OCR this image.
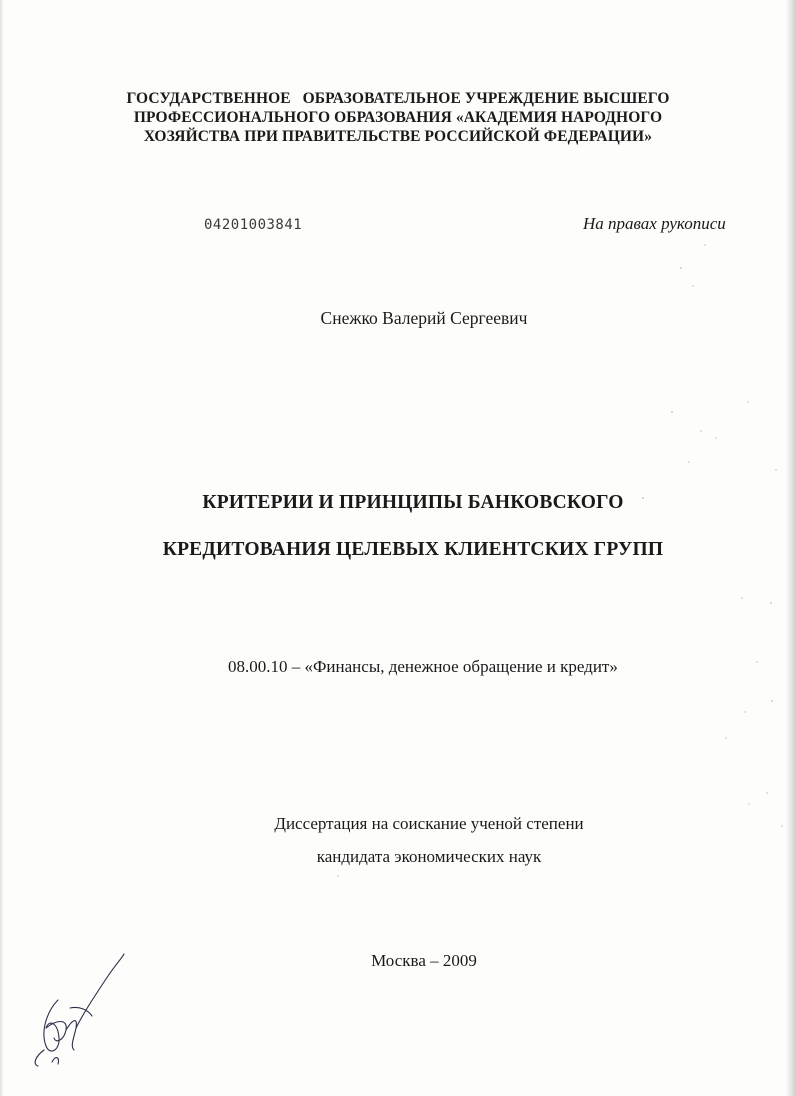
ГОСУДАРСТВЕННОЕ   ОБРАЗОВАТЕЛЬНОЕ УЧРЕЖДЕНИЕ ВЫСШЕГО
ПРОФЕССИОНАЛЬНОГО ОБРАЗОВАНИЯ «АКАДЕМИЯ НАРОДНОГО
ХОЗЯЙСТВА ПРИ ПРАВИТЕЛЬСТВЕ РОССИЙСКОЙ ФЕДЕРАЦИИ»
04201003841	На правах рукописи
Снежко Валерий Сергеевич
КРИТЕРИИ И ПРИНЦИПЫ БАНКОВСКОГО
КРЕДИТОВАНИЯ ЦЕЛЕВЫХ КЛИЕНТСКИХ ГРУПП
08.00.10 – «Финансы, денежное обращение и кредит»
Диссертация на соискание ученой степени
кандидата экономических наук
Москва – 2009
